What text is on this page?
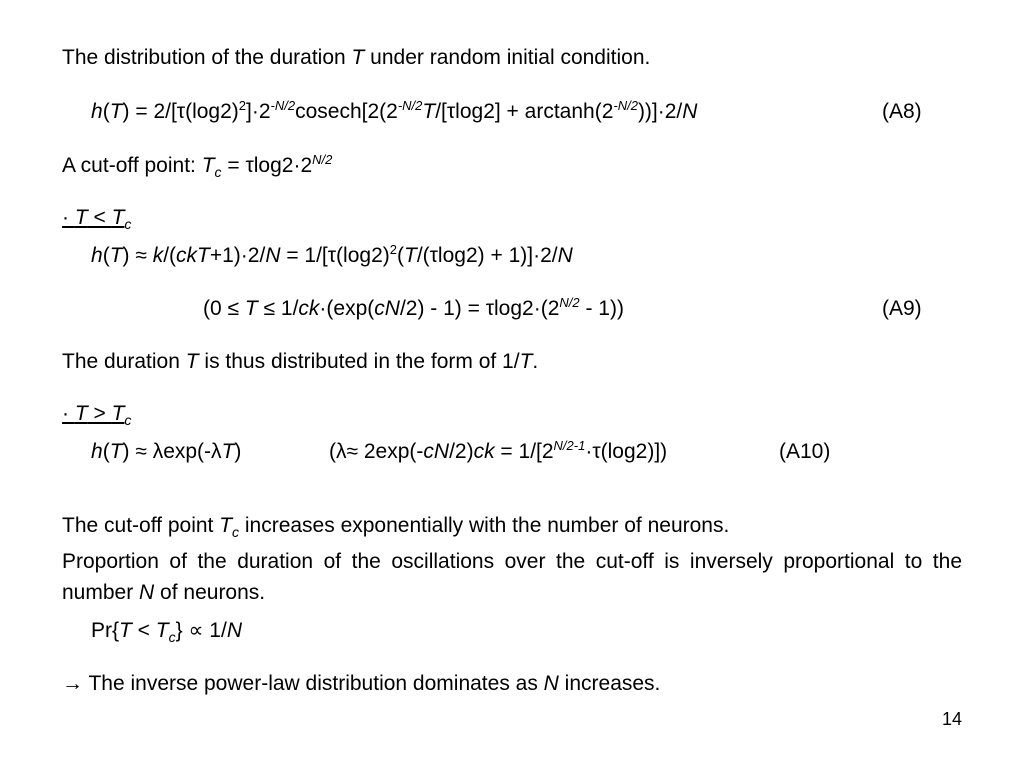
The distribution of the duration T under random initial condition.
$h(T) = 2/[\tau(\log 2)^2]\cdot 2^{-N/2}cosech[2(2^{-N/2}T/[\tau\log 2] + \arctan h(2^{-N/2}))]\cdot 2/N$	(A8)
A cut-off point: $T_c = \tau\log 2\cdot 2^{N/2}$
· $T < T_c$
$h(T) \approx k/(ckT+1)\cdot 2/N = 1/[\tau(\log 2)^2(T/(\tau\log 2) + 1)]\cdot 2/N$
$(0 \le T \le 1/ck\cdot(\exp(cN/2) - 1) = \tau\log 2\cdot(2^{N/2} - 1))$	(A9)
The duration T is thus distributed in the form of 1/T.
· $T > T_c$
h(T) ≈ λexp(-λT)	$(\lambda\approx 2\exp(-cN/2)ck = 1/[2^{N/2-1}\cdot\tau(\log 2)])$	(A10)
The cut-off point $T_c$ increases exponentially with the number of neurons.
Proportion of the duration of the oscillations over the cut-off is inversely proportional to the number N of neurons.
$Pr\{T < T_c\} \propto 1/N$
→ The inverse power-law distribution dominates as N increases.
14
